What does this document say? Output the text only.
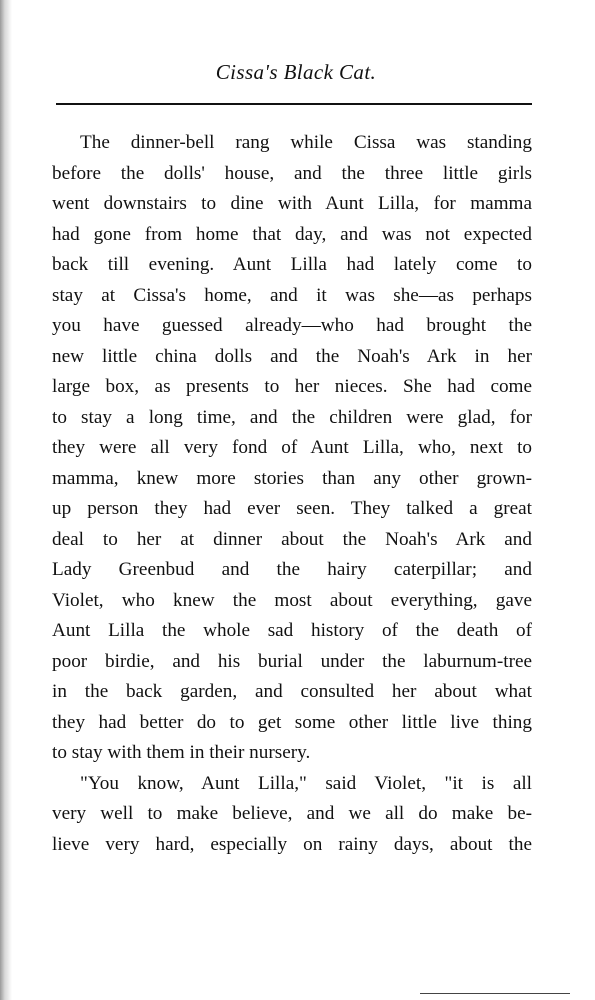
Cissa's Black Cat.
The dinner-bell rang while Cissa was standing
before the dolls' house, and the three little girls
went downstairs to dine with Aunt Lilla, for mamma
had gone from home that day, and was not expected
back till evening. Aunt Lilla had lately come to
stay at Cissa's home, and it was she—as perhaps
you have guessed already—who had brought the
new little china dolls and the Noah's Ark in her
large box, as presents to her nieces. She had come
to stay a long time, and the children were glad, for
they were all very fond of Aunt Lilla, who, next to
mamma, knew more stories than any other grown-
up person they had ever seen. They talked a great
deal to her at dinner about the Noah's Ark and
Lady Greenbud and the hairy caterpillar; and
Violet, who knew the most about everything, gave
Aunt Lilla the whole sad history of the death of
poor birdie, and his burial under the laburnum-tree
in the back garden, and consulted her about what
they had better do to get some other little live thing
to stay with them in their nursery.
"You know, Aunt Lilla," said Violet, "it is all
very well to make believe, and we all do make be-
lieve very hard, especially on rainy days, about the
